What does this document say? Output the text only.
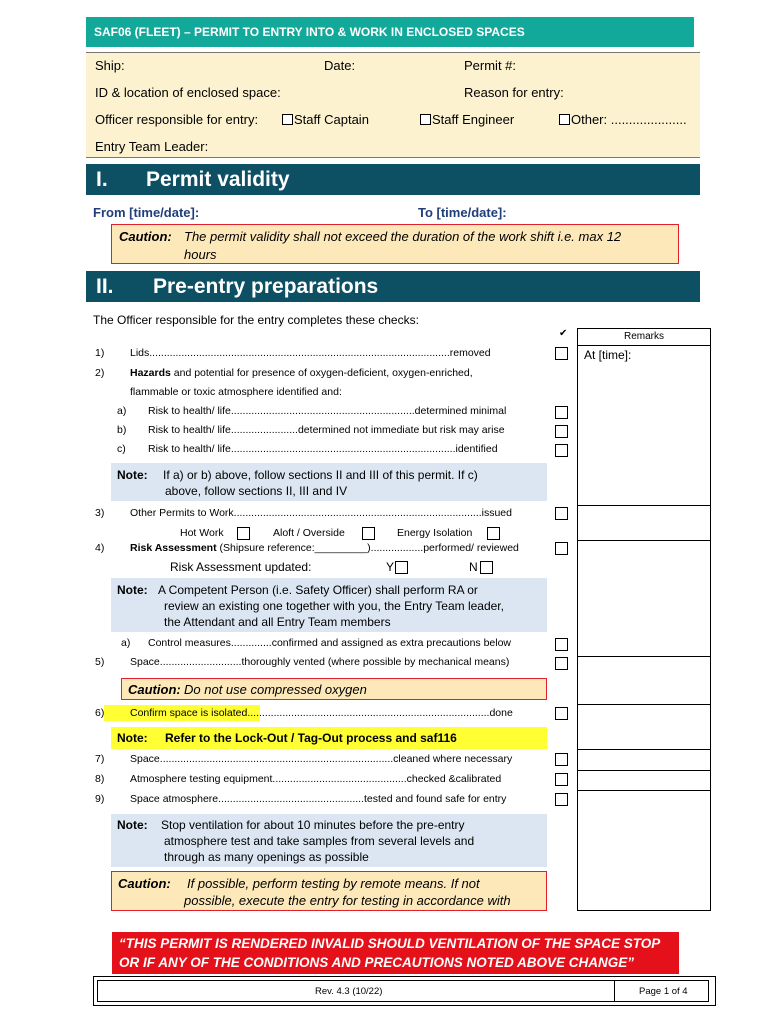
SAF06 (FLEET) – PERMIT TO ENTRY INTO & WORK IN ENCLOSED SPACES
Ship:	Date:	Permit #:
ID & location of enclosed space:	Reason for entry:
Officer responsible for entry:	Staff Captain	Staff Engineer	Other: .....................
Entry Team Leader:
I. Permit validity
From [time/date]:	To [time/date]:
Caution: The permit validity shall not exceed the duration of the work shift i.e. max 12
hours
II. Pre-entry preparations
The Officer responsible for the entry completes these checks:
✔	Remarks
At [time]:
1) Lids.......................................................................................................removed
2) Hazards and potential for presence of oxygen-deficient, oxygen-enriched,
flammable or toxic atmosphere identified and:
a) Risk to health/ life...............................................................determined minimal
b) Risk to health/ life.......................determined not immediate but risk may arise
c) Risk to health/ life.............................................................................identified
Note: If a) or b) above, follow sections II and III of this permit. If c)
above, follow sections II, III and IV
3) Other Permits to Work.....................................................................................issued
Hot Work	Aloft / Overside	Energy Isolation
4) Risk Assessment (Shipsure reference:_________)..................performed/ reviewed
Risk Assessment updated:	Y	N
Note: A Competent Person (i.e. Safety Officer) shall perform RA or
review an existing one together with you, the Entry Team leader,
the Attendant and all Entry Team members
a) Control measures..............confirmed and assigned as extra precautions below
5) Space............................thoroughly vented (where possible by mechanical means)
Caution: Do not use compressed oxygen
6) Confirm space is isolated...................................................................................done
Note: Refer to the Lock-Out / Tag-Out process and saf116
7) Space................................................................................cleaned where necessary
8) Atmosphere testing equipment..............................................checked &calibrated
9) Space atmosphere..................................................tested and found safe for entry
Note: Stop ventilation for about 10 minutes before the pre-entry
atmosphere test and take samples from several levels and
through as many openings as possible
Caution: If possible, perform testing by remote means. If not
possible, execute the entry for testing in accordance with
“THIS PERMIT IS RENDERED INVALID SHOULD VENTILATION OF THE SPACE STOP
OR IF ANY OF THE CONDITIONS AND PRECAUTIONS NOTED ABOVE CHANGE”
Rev. 4.3 (10/22)	Page 1 of 4
